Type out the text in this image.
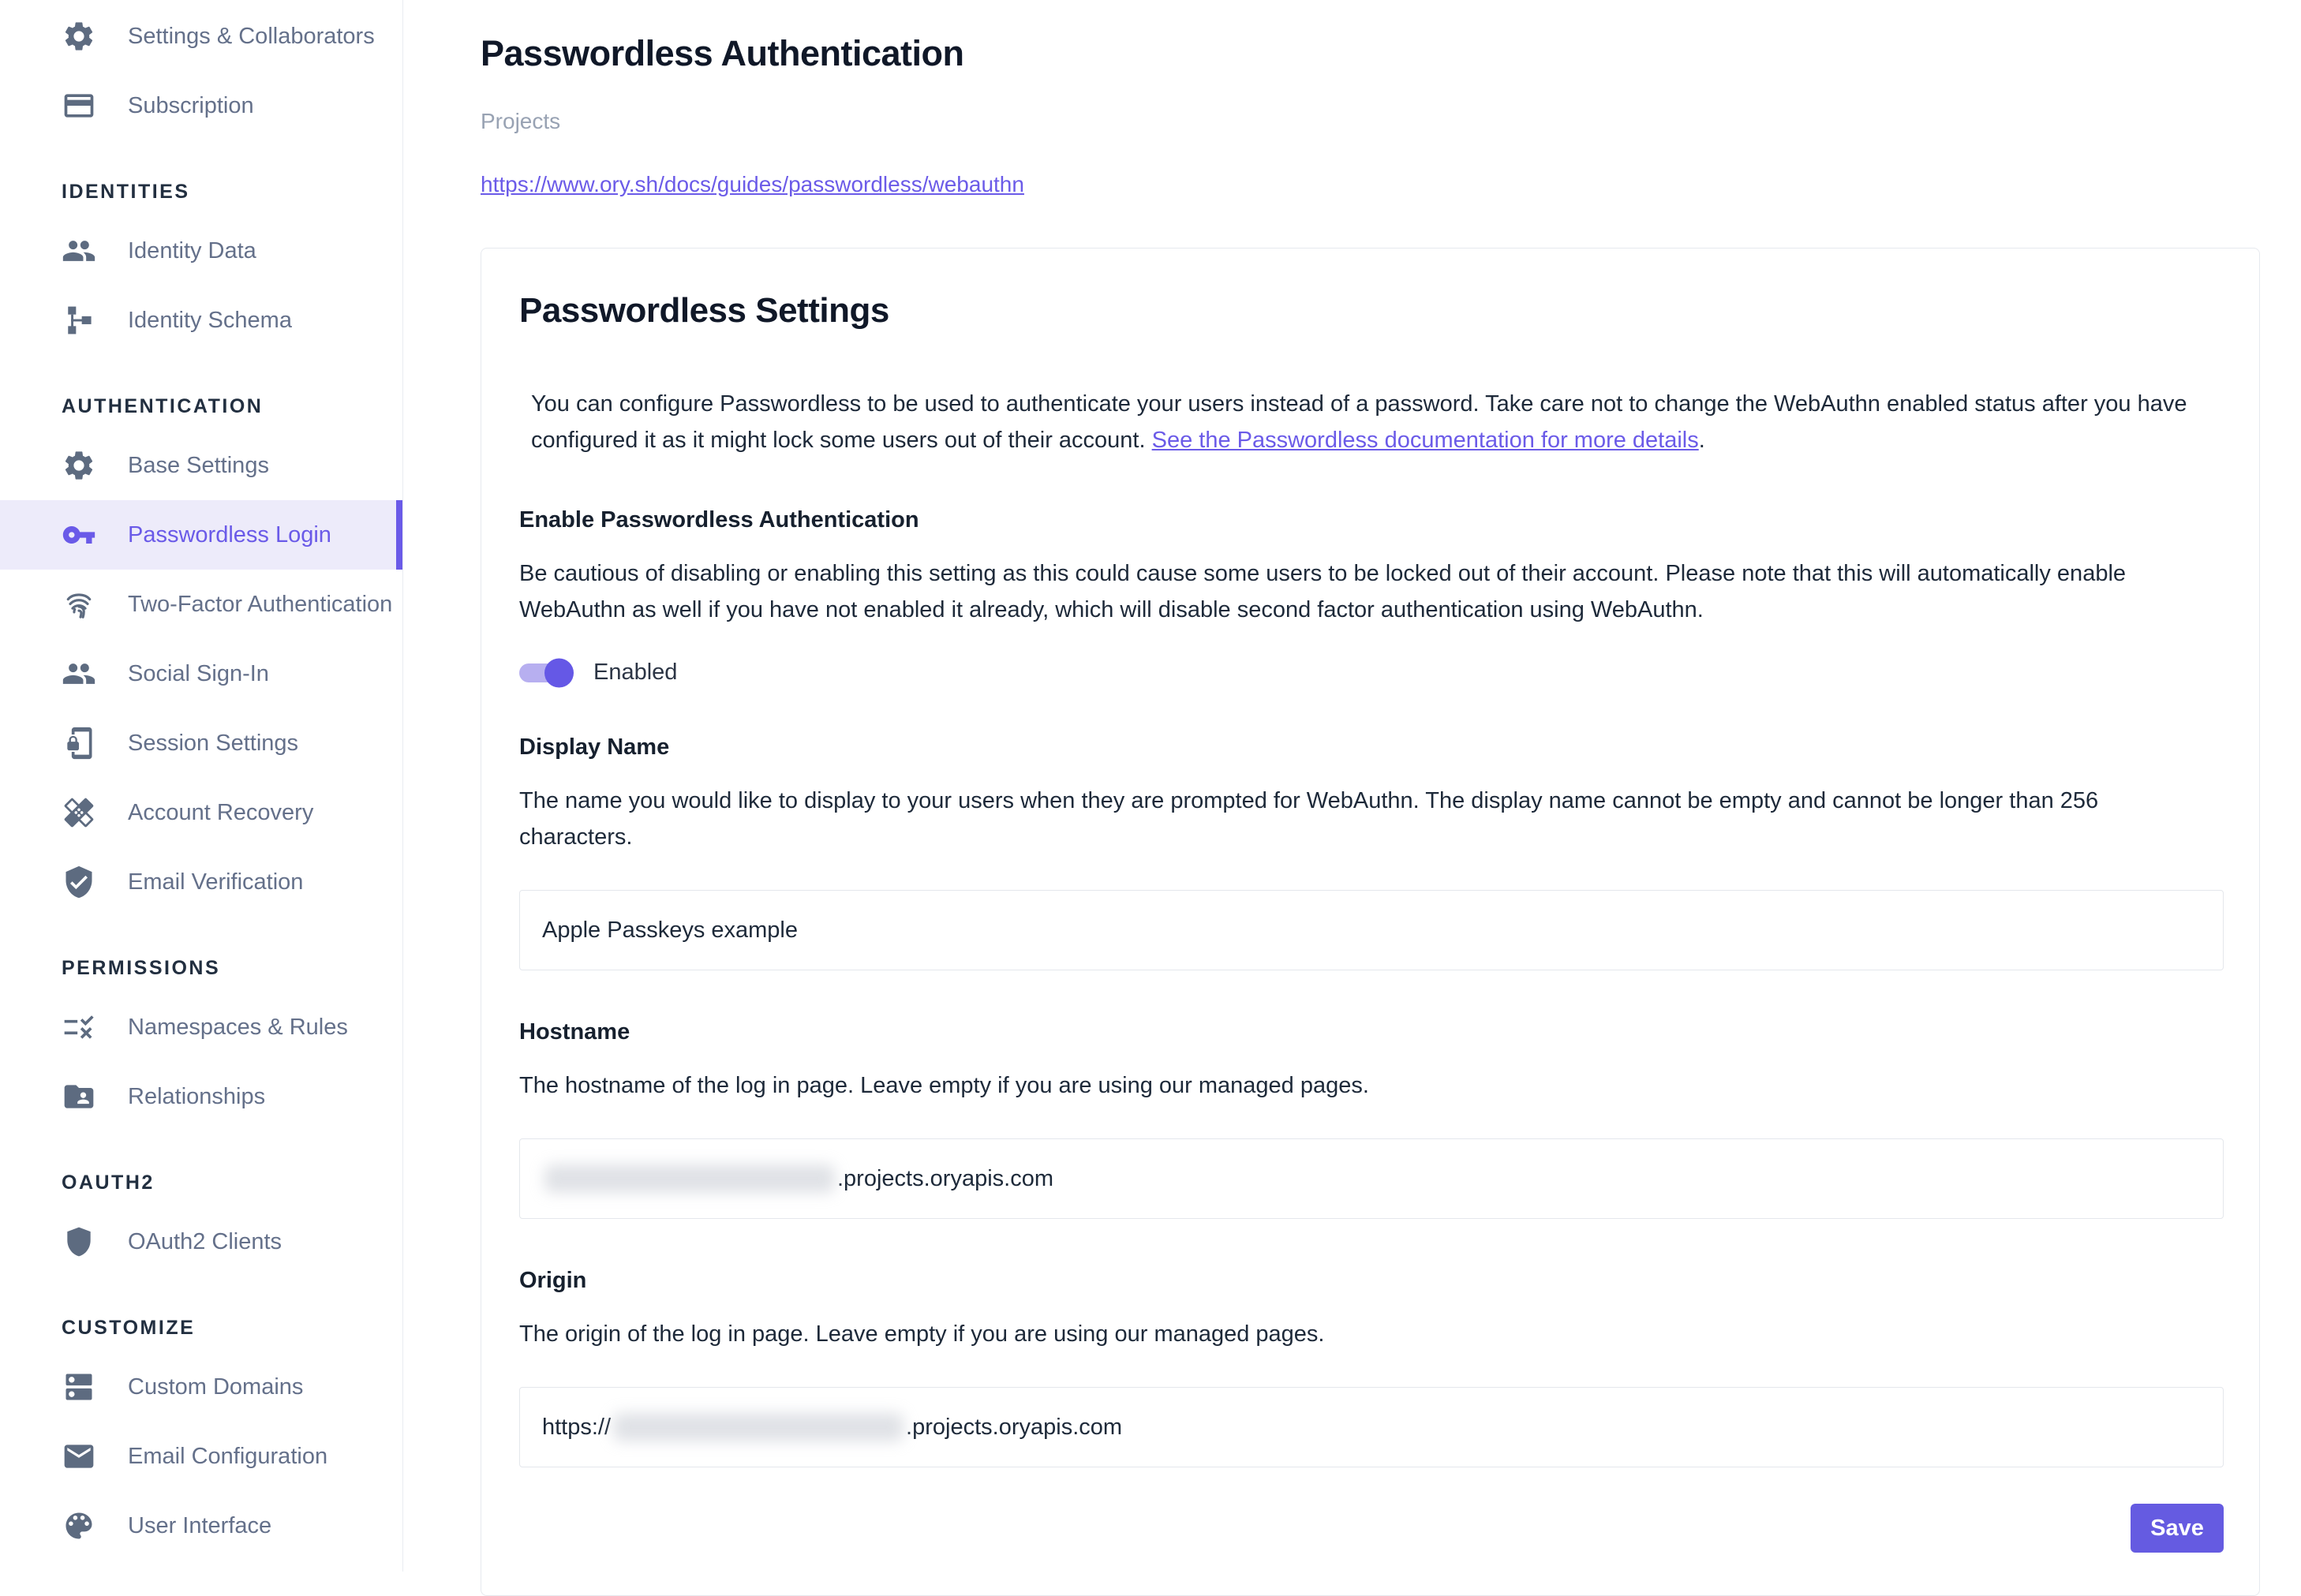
Settings & Collaborators
Subscription
IDENTITIES
Identity Data
Identity Schema
AUTHENTICATION
Base Settings
Passwordless Login
Two-Factor Authentication
Social Sign-In
Session Settings
Account Recovery
Email Verification
PERMISSIONS
Namespaces & Rules
Relationships
OAUTH2
OAuth2 Clients
CUSTOMIZE
Custom Domains
Email Configuration
User Interface
Passwordless Authentication
Projects
https://www.ory.sh/docs/guides/passwordless/webauthn
Passwordless Settings

You can configure Passwordless to be used to authenticate your users instead of a password. Take care not to change the WebAuthn enabled status after you have configured it as it might lock some users out of their account. See the Passwordless documentation for more details.

Enable Passwordless Authentication

Be cautious of disabling or enabling this setting as this could cause some users to be locked out of their account. Please note that this will automatically enable WebAuthn as well if you have not enabled it already, which will disable second factor authentication using WebAuthn.

Enabled
Display Name

The name you would like to display to your users when they are prompted for WebAuthn. The display name cannot be empty and cannot be longer than 256 characters.

Apple Passkeys example
Hostname

The hostname of the log in page. Leave empty if you are using our managed pages.

.projects.oryapis.com
Origin

The origin of the log in page. Leave empty if you are using our managed pages.

https://	.projects.oryapis.com
Save
